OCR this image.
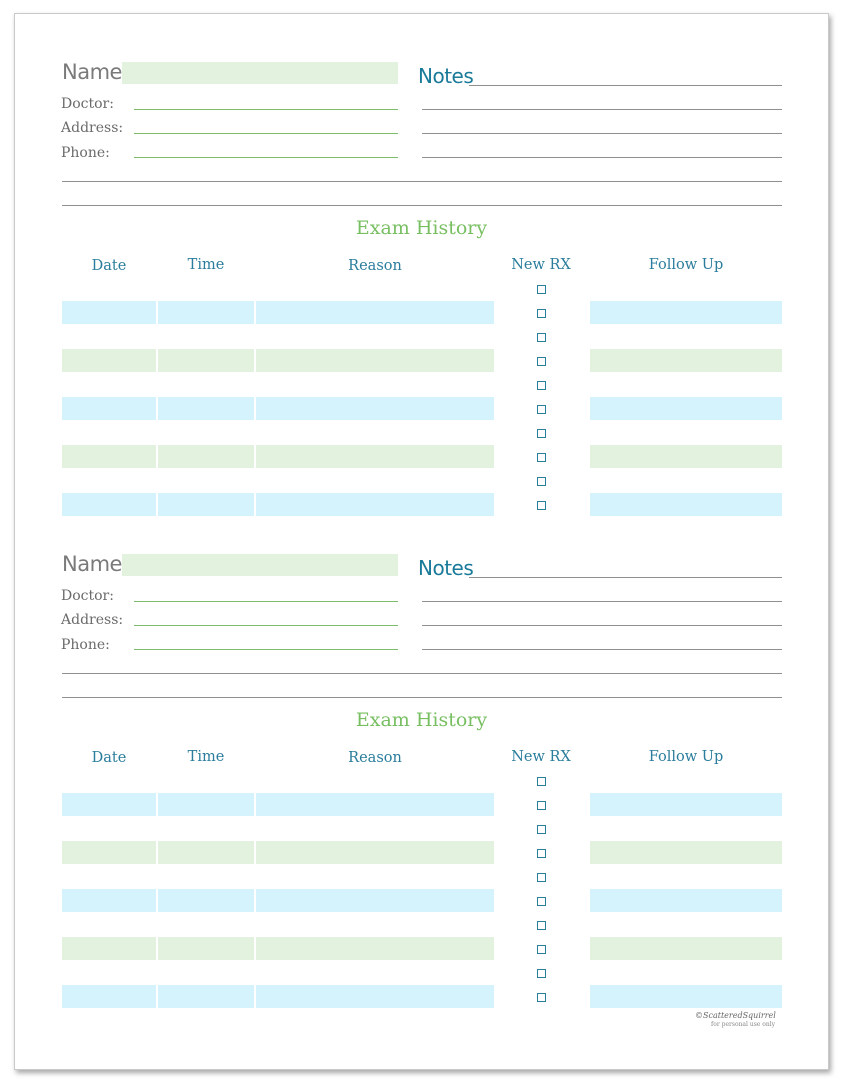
Name
Doctor:
Address:
Phone:
Notes
Exam History
Date	Time	Reason	New RX	Follow Up
Name
Doctor:
Address:
Phone:
Notes
Exam History
Date	Time	Reason	New RX	Follow Up
©ScatteredSquirrel
for personal use only
